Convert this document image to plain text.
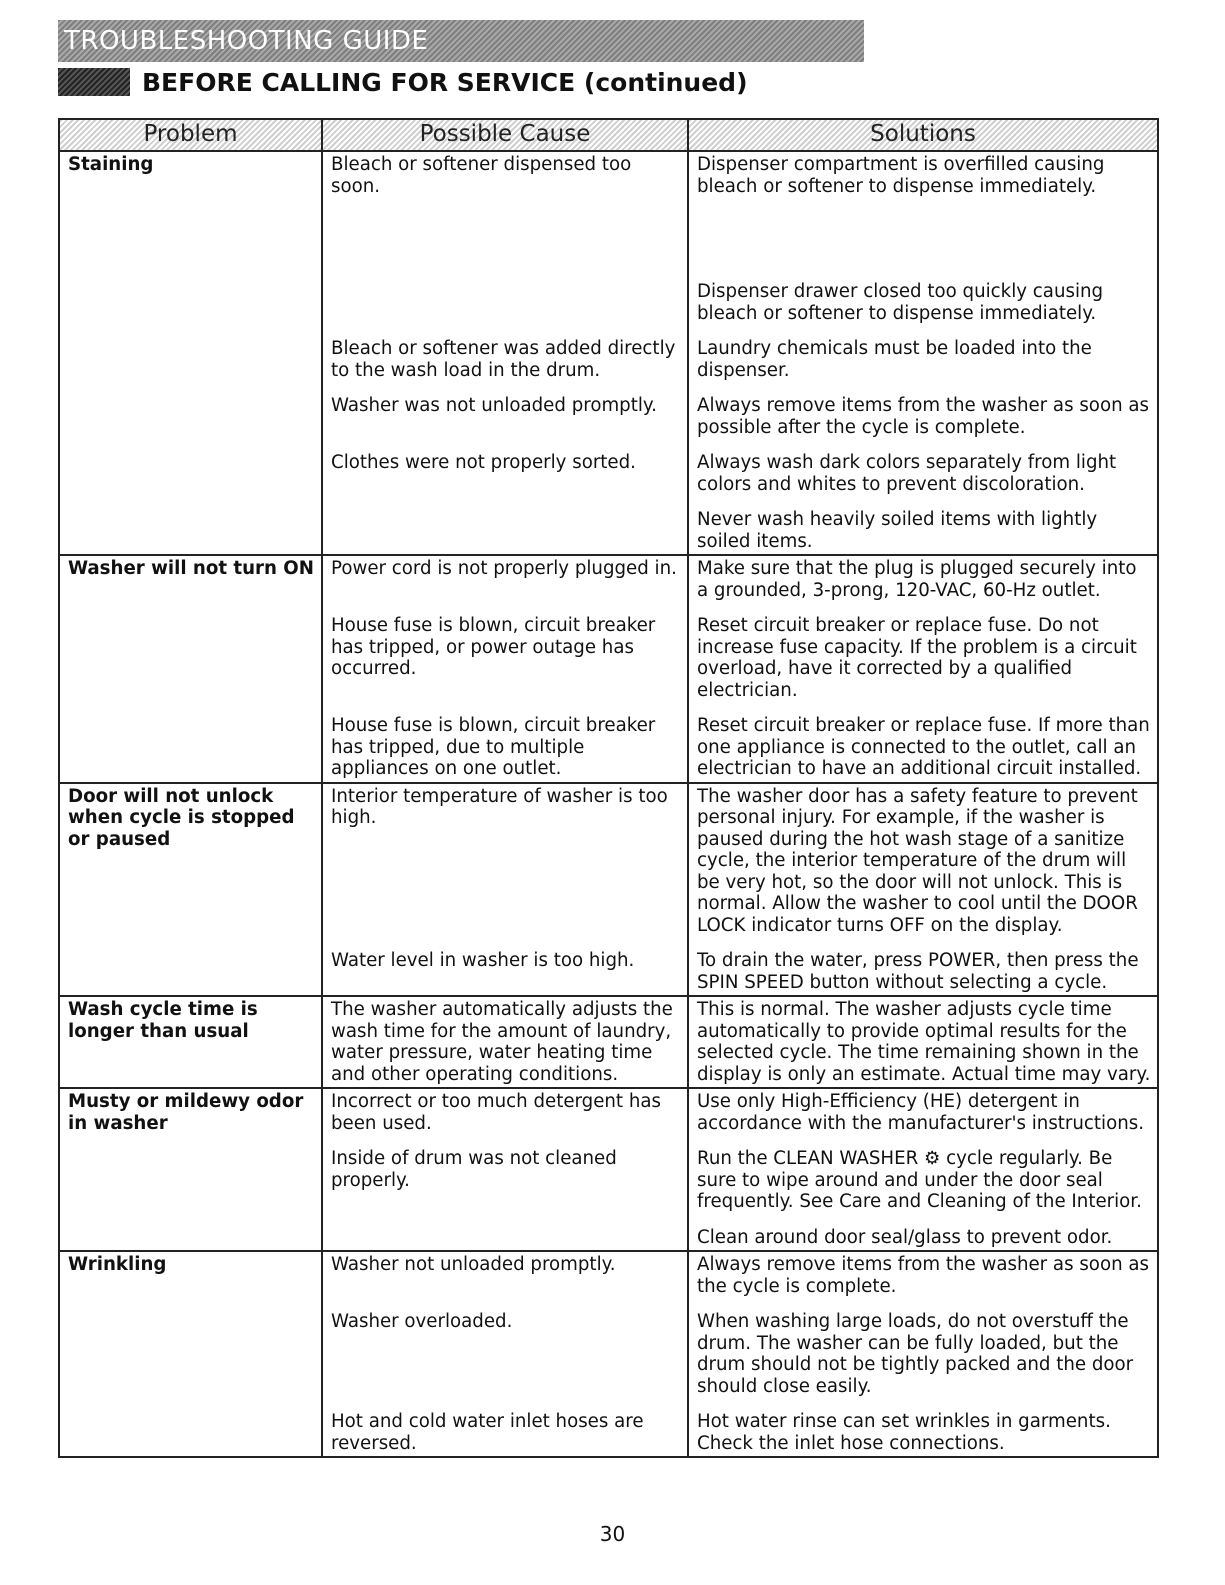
TROUBLESHOOTING GUIDE
BEFORE CALLING FOR SERVICE (continued)
Problem	Possible Cause	Solutions
Staining	Bleach or softener dispensed too soon.	Dispenser compartment is overfilled causing bleach or softener to dispense immediately.
		Dispenser drawer closed too quickly causing bleach or softener to dispense immediately.
	Bleach or softener was added directly to the wash load in the drum.	Laundry chemicals must be loaded into the dispenser.
	Washer was not unloaded promptly.	Always remove items from the washer as soon as possible after the cycle is complete.
	Clothes were not properly sorted.	Always wash dark colors separately from light colors and whites to prevent discoloration.
		Never wash heavily soiled items with lightly soiled items.
Washer will not turn ON	Power cord is not properly plugged in.	Make sure that the plug is plugged securely into a grounded, 3-prong, 120-VAC, 60-Hz outlet.
	House fuse is blown, circuit breaker has tripped, or power outage has occurred.	Reset circuit breaker or replace fuse. Do not increase fuse capacity. If the problem is a circuit overload, have it corrected by a qualified electrician.
	House fuse is blown, circuit breaker has tripped, due to multiple appliances on one outlet.	Reset circuit breaker or replace fuse. If more than one appliance is connected to the outlet, call an electrician to have an additional circuit installed.
Door will not unlock when cycle is stopped or paused	Interior temperature of washer is too high.	The washer door has a safety feature to prevent personal injury. For example, if the washer is paused during the hot wash stage of a sanitize cycle, the interior temperature of the drum will be very hot, so the door will not unlock. This is normal. Allow the washer to cool until the DOOR LOCK indicator turns OFF on the display.
	Water level in washer is too high.	To drain the water, press POWER, then press the SPIN SPEED button without selecting a cycle.
Wash cycle time is longer than usual	The washer automatically adjusts the wash time for the amount of laundry, water pressure, water heating time and other operating conditions.	This is normal. The washer adjusts cycle time automatically to provide optimal results for the selected cycle. The time remaining shown in the display is only an estimate. Actual time may vary.
Musty or mildewy odor in washer	Incorrect or too much detergent has been used.	Use only High-Efficiency (HE) detergent in accordance with the manufacturer's instructions.
	Inside of drum was not cleaned properly.	Run the CLEAN WASHER ⚙ cycle regularly. Be sure to wipe around and under the door seal frequently. See Care and Cleaning of the Interior.
		Clean around door seal/glass to prevent odor.
Wrinkling	Washer not unloaded promptly.	Always remove items from the washer as soon as the cycle is complete.
	Washer overloaded.	When washing large loads, do not overstuff the drum. The washer can be fully loaded, but the drum should not be tightly packed and the door should close easily.
	Hot and cold water inlet hoses are reversed.	Hot water rinse can set wrinkles in garments. Check the inlet hose connections.
30
